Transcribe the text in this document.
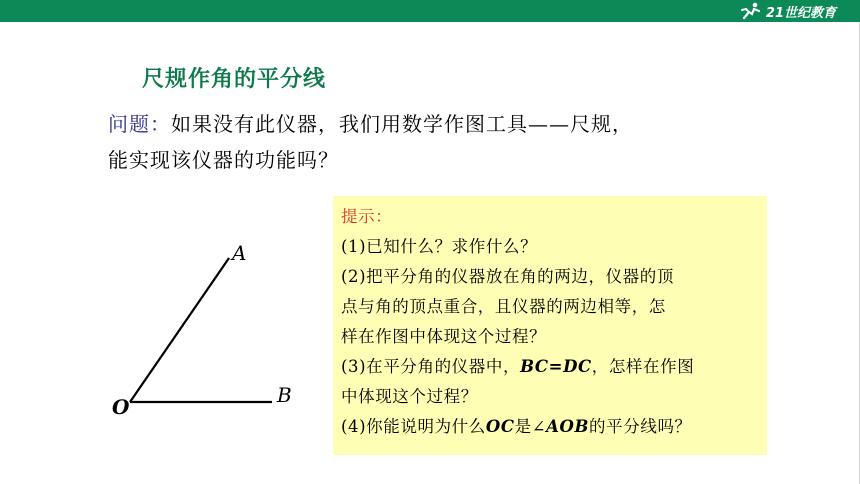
21世纪教育
尺规作角的平分线
问题：如果没有此仪器，我们用数学作图工具——尺规，
能实现该仪器的功能吗？
A
O	B
提示：
(1)已知什么？求作什么？
(2)把平分角的仪器放在角的两边，仪器的顶
点与角的顶点重合，且仪器的两边相等，怎
样在作图中体现这个过程？
(3)在平分角的仪器中，BC=DC，怎样在作图
中体现这个过程？
(4)你能说明为什么OC是∠AOB的平分线吗？
